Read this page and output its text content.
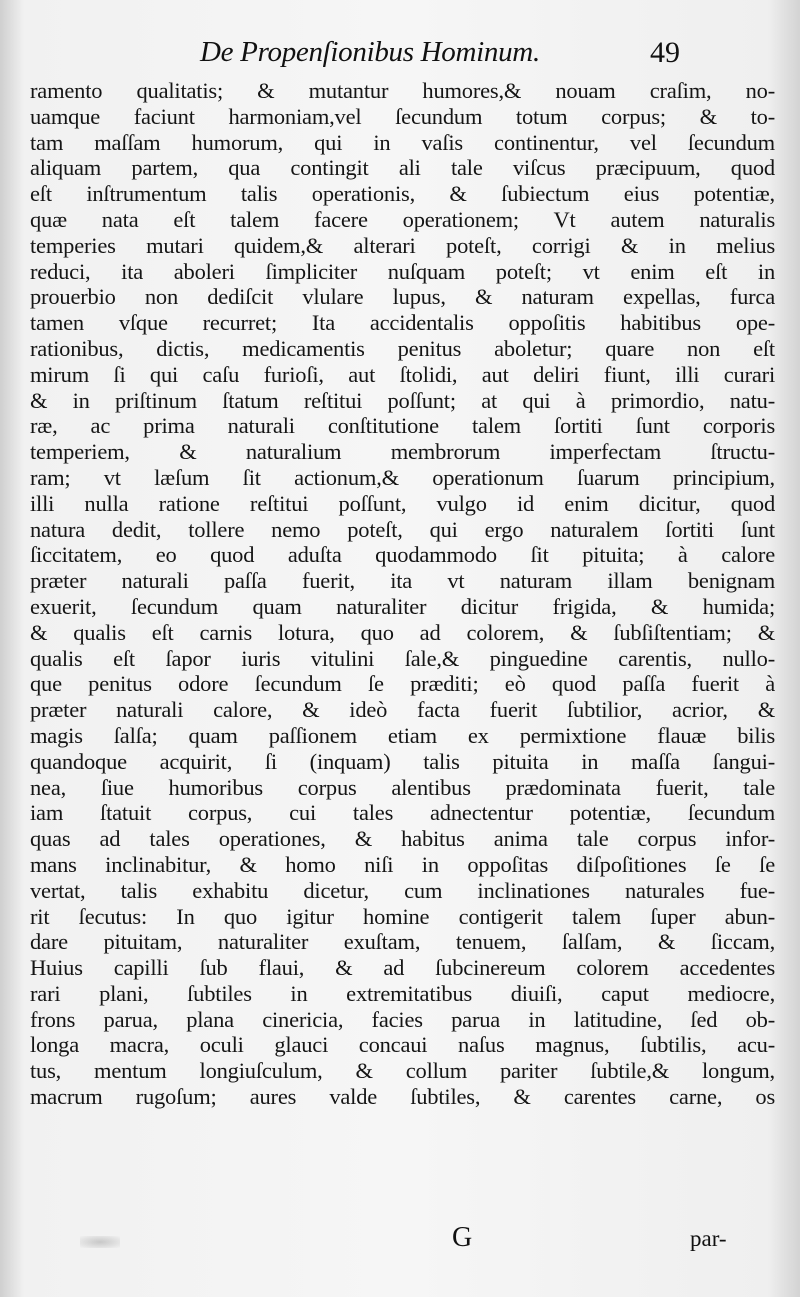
De Propenſionibus Hominum.	49
ramento qualitatis; & mutantur humores,& nouam craſim, no-
uamque faciunt harmoniam,vel ſecundum totum corpus; & to-
tam maſſam humorum, qui in vaſis continentur, vel ſecundum
aliquam partem, qua contingit ali tale viſcus præcipuum, quod
eſt inſtrumentum talis operationis, & ſubiectum eius potentiæ,
quæ nata eſt talem facere operationem; Vt autem naturalis
temperies mutari quidem,& alterari poteſt, corrigi & in melius
reduci, ita aboleri ſimpliciter nuſquam poteſt; vt enim eſt in
prouerbio non dediſcit vlulare lupus, & naturam expellas, furca
tamen vſque recurret; Ita accidentalis oppoſitis habitibus ope-
rationibus, dictis, medicamentis penitus aboletur; quare non eſt
mirum ſi qui caſu furioſi, aut ſtolidi, aut deliri fiunt, illi curari
& in priſtinum ſtatum reſtitui poſſunt; at qui à primordio, natu-
ræ, ac prima naturali conſtitutione talem ſortiti ſunt corporis
temperiem, & naturalium membrorum imperfectam ſtructu-
ram; vt læſum ſit actionum,& operationum ſuarum principium,
illi nulla ratione reſtitui poſſunt, vulgo id enim dicitur, quod
natura dedit, tollere nemo poteſt, qui ergo naturalem ſortiti ſunt
ſiccitatem, eo quod aduſta quodammodo ſit pituita; à calore
præter naturali paſſa fuerit, ita vt naturam illam benignam
exuerit, ſecundum quam naturaliter dicitur frigida, & humida;
& qualis eſt carnis lotura, quo ad colorem, & ſubſiſtentiam; &
qualis eſt ſapor iuris vitulini ſale,& pinguedine carentis, nullo-
que penitus odore ſecundum ſe præditi; eò quod paſſa fuerit à
præter naturali calore, & ideò facta fuerit ſubtilior, acrior, &
magis ſalſa; quam paſſionem etiam ex permixtione flauæ bilis
quandoque acquirit, ſi (inquam) talis pituita in maſſa ſangui-
nea, ſiue humoribus corpus alentibus prædominata fuerit, tale
iam ſtatuit corpus, cui tales adnectentur potentiæ, ſecundum
quas ad tales operationes, & habitus anima tale corpus infor-
mans inclinabitur, & homo niſi in oppoſitas diſpoſitiones ſe ſe
vertat, talis exhabitu dicetur, cum inclinationes naturales fue-
rit ſecutus: In quo igitur homine contigerit talem ſuper abun-
dare pituitam, naturaliter exuſtam, tenuem, ſalſam, & ſiccam,
Huius capilli ſub flaui, & ad ſubcinereum colorem accedentes
rari plani, ſubtiles in extremitatibus diuiſi, caput mediocre,
frons parua, plana cinericia, facies parua in latitudine, ſed ob-
longa macra, oculi glauci concaui naſus magnus, ſubtilis, acu-
tus, mentum longiuſculum, & collum pariter ſubtile,& longum,
macrum rugoſum; aures valde ſubtiles, & carentes carne, os
G	par-
